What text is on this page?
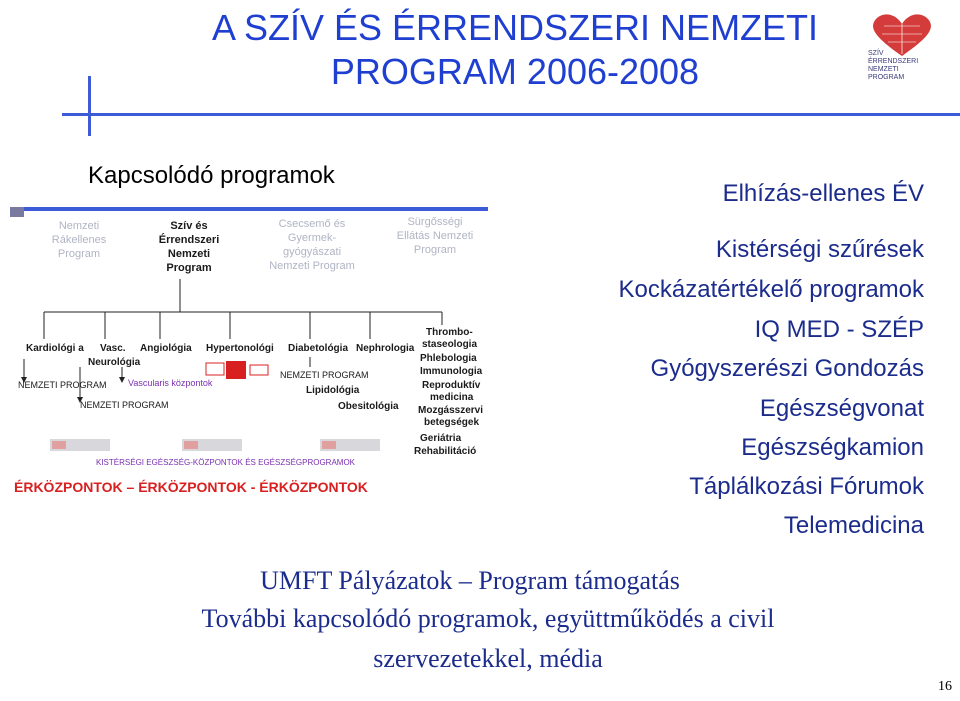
A SZÍV ÉS ÉRRENDSZERI NEMZETI
PROGRAM 2006-2008	SZÍV
ÉRRENDSZERI
NEMZETI
PROGRAM
Kapcsolódó programok
Elhízás-ellenes ÉV
Kistérségi szűrések
Kockázatértékelő programok
IQ MED - SZÉP
Gyógyszerészi Gondozás
Egészségvonat
Egészségkamion
Táplálkozási Fórumok
Telemedicina
Nemzeti Rákellenes Program
Szív és Érrendszeri Nemzeti Program
Csecsemő és Gyermek-gyógyászati Nemzeti Program
Sürgősségi Ellátás Nemzeti Program
Kardiológi a Vasc.
Neurológia
Angiológia Hypertonológi Diabetológia Nephrologia
Lipidológia
Obesitológia
NEMZETI PROGRAM
NEMZETI PROGRAM
NEMZETI PROGRAM
Vascularis központok
Thrombo-
staseologia
Phlebologia
Immunologia
Reproduktív
medicina
Mozgásszervi
betegségek
Geriátria
Rehabilitáció
KISTÉRSÉGI EGÉSZSÉG-KÖZPONTOK ÉS EGÉSZSÉGPROGRAMOK
ÉRKÖZPONTOK – ÉRKÖZPONTOK - ÉRKÖZPONTOK
UMFT Pályázatok – Program támogatás
További kapcsolódó programok, együttműködés a civil
szervezetekkel, média
16
